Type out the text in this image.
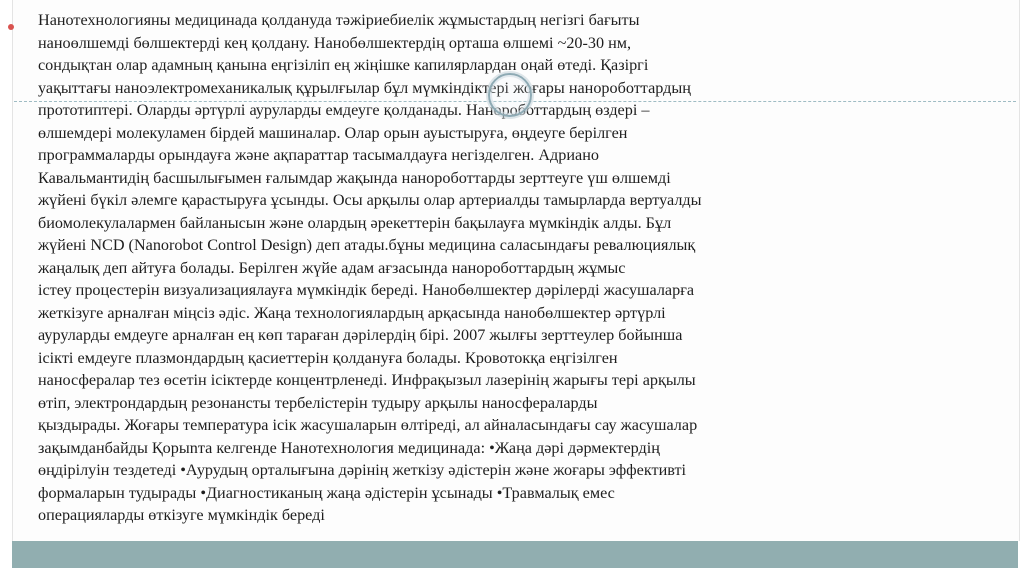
Нанотехнологияны медицинада қолдануда тәжіриебиелік жұмыстардың негізгі бағыты
наноөлшемді бөлшектерді кең қолдану. Нанобөлшектердің орташа өлшемі ~20-30 нм,
сондықтан олар адамның қанына еңгізіліп ең жіңішке капилярлардан оңай өтеді. Қазіргі
уақыттағы наноэлектромеханикалық құрылғылар бұл мүмкіндіктері жоғары нанороботтардың
прототиптері. Оларды әртүрлі ауруларды емдеуге қолданады. Нанороботтардың өздері –
өлшемдері молекуламен бірдей машиналар. Олар орын ауыстыруға, өңдеуге берілген
программаларды орындауға және ақпараттар тасымалдауға негізделген. Адриано
Кавальмантидің басшылығымен ғалымдар жақында нанороботтарды зерттеуге үш өлшемді
жүйені бүкіл әлемге қарастыруға ұсынды. Осы арқылы олар артериалды тамырларда вертуалды
биомолекулалармен байланысын және олардың әрекеттерін бақылауға мүмкіндік алды. Бұл
жүйені NCD (Nanorobot Control Design) деп атады.бұны медицина саласындағы ревалюциялық
жаңалық деп айтуға болады. Берілген жүйе адам ағзасында нанороботтардың жұмыс
істеу процестерін визуализациялауға мүмкіндік береді. Нанобөлшектер дәрілерді жасушаларға
жеткізуге арналған міңсіз әдіс. Жаңа технологиялардың арқасында нанобөлшектер әртүрлі
ауруларды емдеуге арналған ең көп тараған дәрілердің бірі. 2007 жылғы зерттеулер бойынша
ісікті емдеуге плазмондардың қасиеттерін қолдануға болады. Кровотокқа еңгізілген
наносфералар тез өсетін ісіктерде концентрленеді. Инфрақызыл лазерінің жарығы тері арқылы
өтіп, электрондардың резонансты тербелістерін тудыру арқылы наносфераларды
қыздырады. Жоғары температура ісік жасушаларын өлтіреді, ал айналасындағы сау жасушалар
зақымданбайды Қорыnта келгенде Нанотехнология медицинада: •Жаңа дәрі дәрмектердің
өңдірілуін тездетеді •Аурудың орталығына дәрінің жеткізу әдістерін және жоғары эффективті
формаларын тудырады •Диагностиканың жаңа әдістерін ұсынады •Травмалық емес
операцияларды өткізуге мүмкіндік береді
